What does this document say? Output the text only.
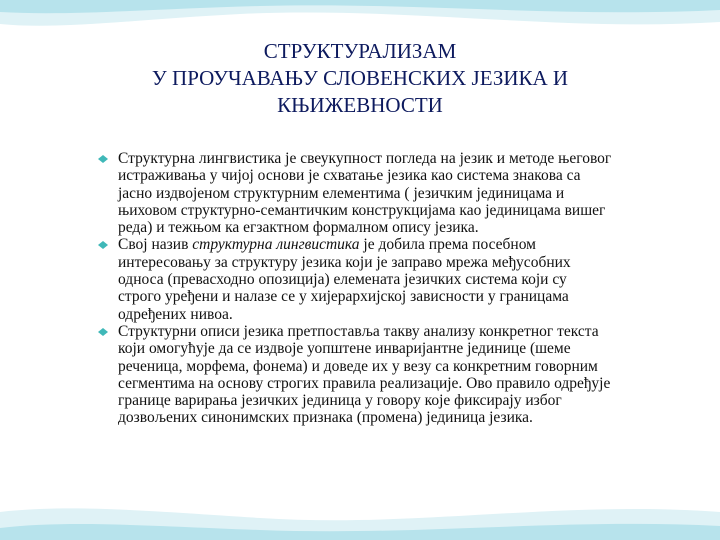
СТРУКТУРАЛИЗАМ
У ПРОУЧАВАЊУ СЛОВЕНСКИХ ЈЕЗИКА И
КЊИЖЕВНОСТИ
Структурна лингвистика је свеукупност погледа на језик и методе његовог
истраживања у чијој основи је схватање језика као система знакова са
јасно издвојеном структурним елементима ( језичким јединицама и
њиховом структурно-семантичким конструкцијама као јединицама вишег
реда) и тежњом ка егзактном формалном опису језика.
Свој назив структурна лингвистика је добила према посебном
интересовању за структуру језика који је заправо мрежа међусобних
односа (превасходно опозиција) елемената језичких система који су
строго уређени и налазе се у хијерархијској зависности у границама
одређених нивоа.
Структурни описи језика претпоставља такву анализу конкретног текста
који омогућује да се издвоје уопштене инваријантне јединице (шеме
реченица, морфема, фонема) и доведе их у везу са конкретним говорним
сегментима на основу строгих правила реализације. Ово правило одређује
границе варирања језичких јединица у говору које фиксирају избог
дозвољених синонимских признака (промена) јединица језика.
